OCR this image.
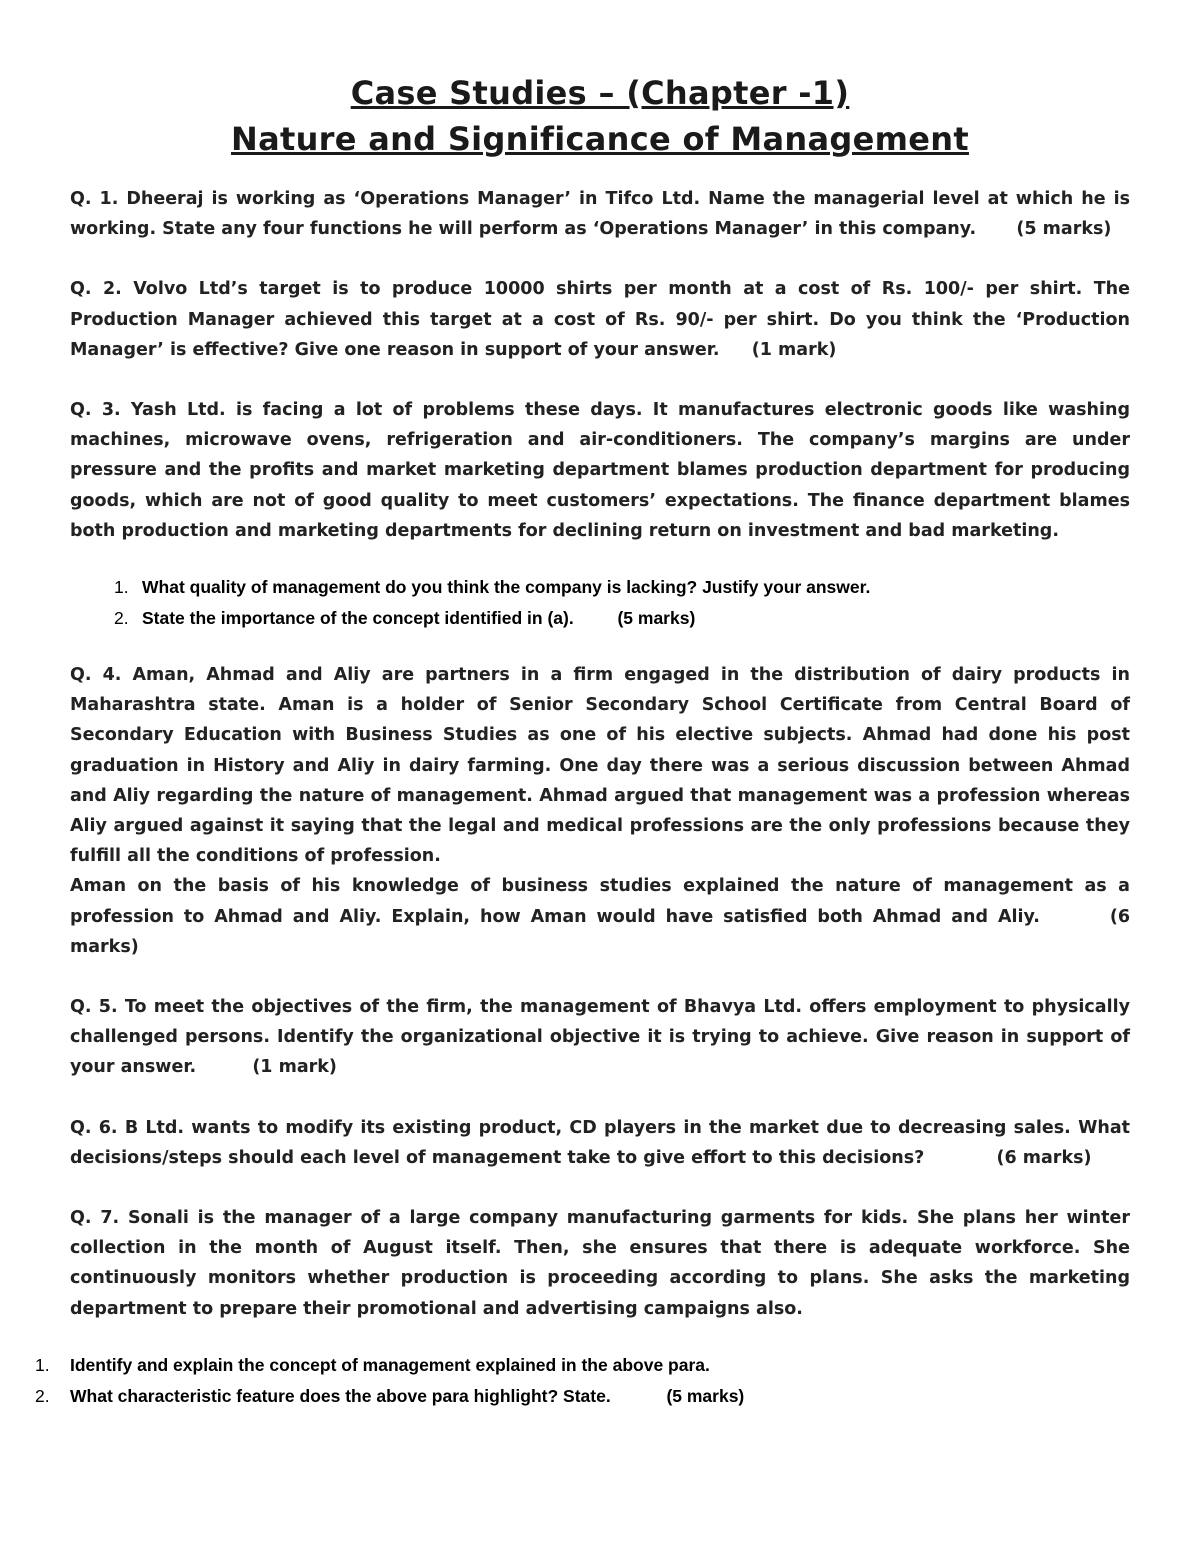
Case Studies – (Chapter -1)

Nature and Significance of Management

Q. 1. Dheeraj is working as ‘Operations Manager’ in Tifco Ltd. Name the managerial level at which he is working. State any four functions he will perform as ‘Operations Manager’ in this company. (5 marks)

Q. 2. Volvo Ltd’s target is to produce 10000 shirts per month at a cost of Rs. 100/- per shirt. The Production Manager achieved this target at a cost of Rs. 90/- per shirt. Do you think the ‘Production Manager’ is effective? Give one reason in support of your answer. (1 mark)

Q. 3. Yash Ltd. is facing a lot of problems these days. It manufactures electronic goods like washing machines, microwave ovens, refrigeration and air-conditioners. The company’s margins are under pressure and the profits and market marketing department blames production department for producing goods, which are not of good quality to meet customers’ expectations. The finance department blames both production and marketing departments for declining return on investment and bad marketing.

1. What quality of management do you think the company is lacking? Justify your answer.
2. State the importance of the concept identified in (a).	(5 marks)

Q. 4. Aman, Ahmad and Aliy are partners in a firm engaged in the distribution of dairy products in Maharashtra state. Aman is a holder of Senior Secondary School Certificate from Central Board of Secondary Education with Business Studies as one of his elective subjects. Ahmad had done his post graduation in History and Aliy in dairy farming. One day there was a serious discussion between Ahmad and Aliy regarding the nature of management. Ahmad argued that management was a profession whereas Aliy argued against it saying that the legal and medical professions are the only professions because they fulfill all the conditions of profession.
Aman on the basis of his knowledge of business studies explained the nature of management as a profession to Ahmad and Aliy. Explain, how Aman would have satisfied both Ahmad and Aliy.	(6 marks)

Q. 5. To meet the objectives of the firm, the management of Bhavya Ltd. offers employment to physically challenged persons. Identify the organizational objective it is trying to achieve. Give reason in support of your answer.	(1 mark)

Q. 6. B Ltd. wants to modify its existing product, CD players in the market due to decreasing sales. What decisions/steps should each level of management take to give effort to this decisions?	(6 marks)

Q. 7. Sonali is the manager of a large company manufacturing garments for kids. She plans her winter collection in the month of August itself. Then, she ensures that there is adequate workforce. She continuously monitors whether production is proceeding according to plans. She asks the marketing department to prepare their promotional and advertising campaigns also.

1. Identify and explain the concept of management explained in the above para.
2. What characteristic feature does the above para highlight? State.	(5 marks)
